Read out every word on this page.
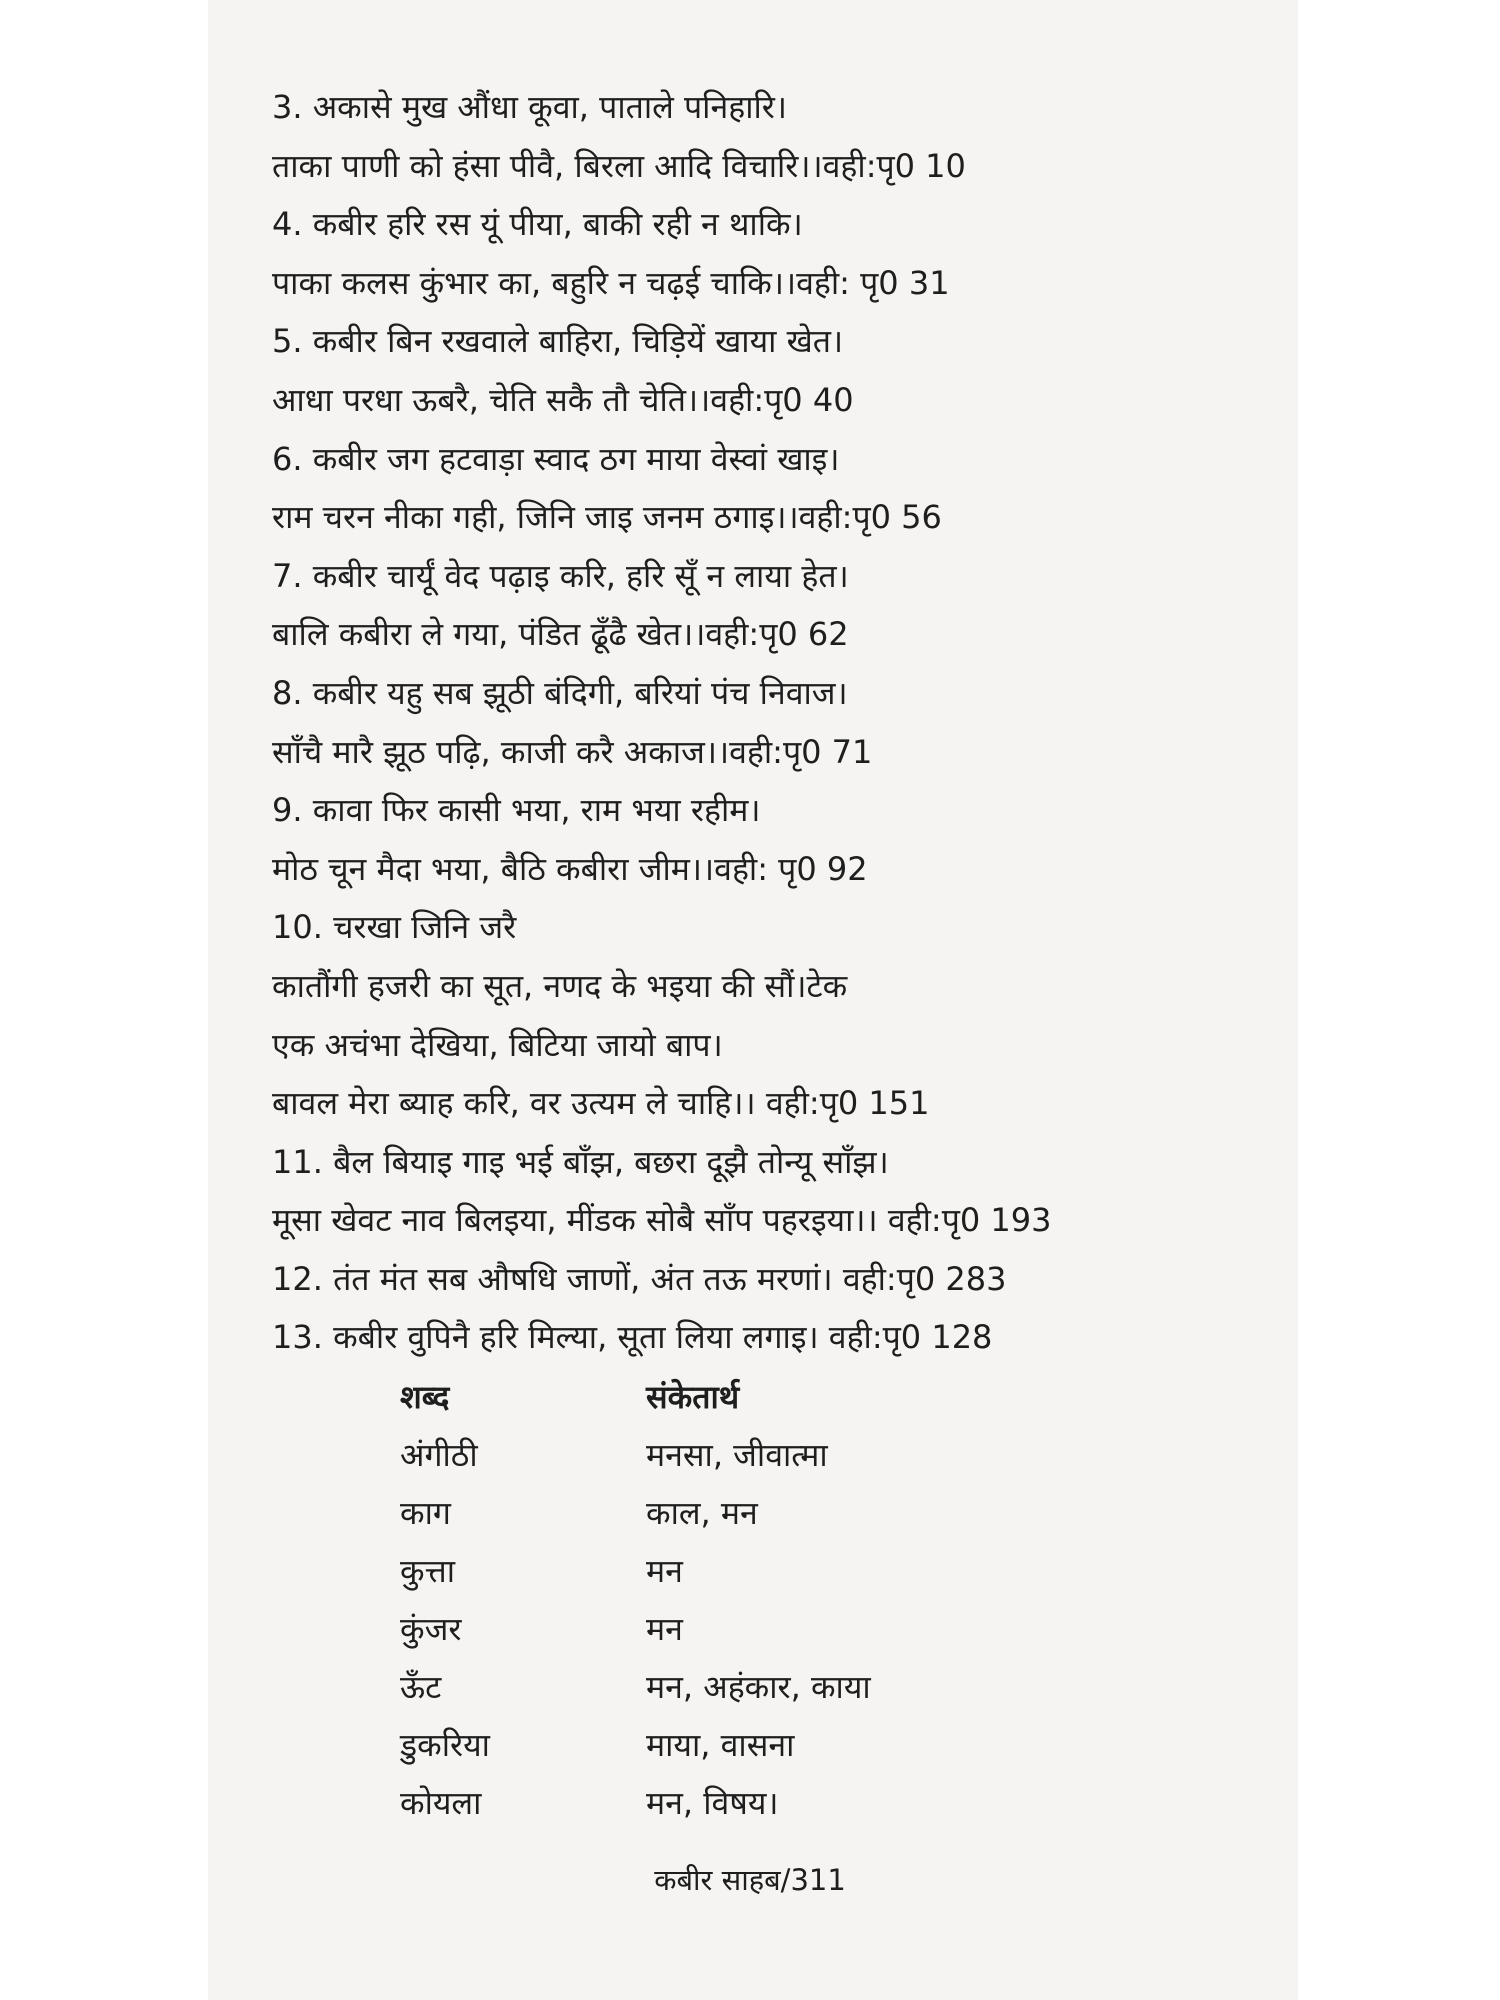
3. अकासे मुख औंधा कूवा, पाताले पनिहारि।
ताका पाणी को हंसा पीवै, बिरला आदि विचारि।।वही:पृ0 10
4. कबीर हरि रस यूं पीया, बाकी रही न थाकि।
पाका कलस कुंभार का, बहुरि न चढ़ई चाकि।।वही: पृ0 31
5. कबीर बिन रखवाले बाहिरा, चिड़ियें खाया खेत।
आधा परधा ऊबरै, चेति सकै तौ चेति।।वही:पृ0 40
6. कबीर जग हटवाड़ा स्वाद ठग माया वेस्वां खाइ।
राम चरन नीका गही, जिनि जाइ जनम ठगाइ।।वही:पृ0 56
7. कबीर चार्यूं वेद पढ़ाइ करि, हरि सूँ न लाया हेत।
बालि कबीरा ले गया, पंडित ढूँढै खेत।।वही:पृ0 62
8. कबीर यहु सब झूठी बंदिगी, बरियां पंच निवाज।
साँचै मारै झूठ पढ़ि, काजी करै अकाज।।वही:पृ0 71
9. कावा फिर कासी भया, राम भया रहीम।
मोठ चून मैदा भया, बैठि कबीरा जीम।।वही: पृ0 92
10. चरखा जिनि जरै
कातौंगी हजरी का सूत, नणद के भइया की सौं।टेक
एक अचंभा देखिया, बिटिया जायो बाप।
बावल मेरा ब्याह करि, वर उत्यम ले चाहि।। वही:पृ0 151
11. बैल बियाइ गाइ भई बाँझ, बछरा दूझै तोन्यू साँझ।
मूसा खेवट नाव बिलइया, मींडक सोबै साँप पहरइया।। वही:पृ0 193
12. तंत मंत सब औषधि जाणों, अंत तऊ मरणां। वही:पृ0 283
13. कबीर वुपिनै हरि मिल्या, सूता लिया लगाइ। वही:पृ0 128
शब्द	संकेतार्थ
अंगीठी	मनसा, जीवात्मा
काग	काल, मन
कुत्ता	मन
कुंजर	मन
ऊँट	मन, अहंकार, काया
डुकरिया	माया, वासना
कोयला	मन, विषय।
कबीर साहब/311
